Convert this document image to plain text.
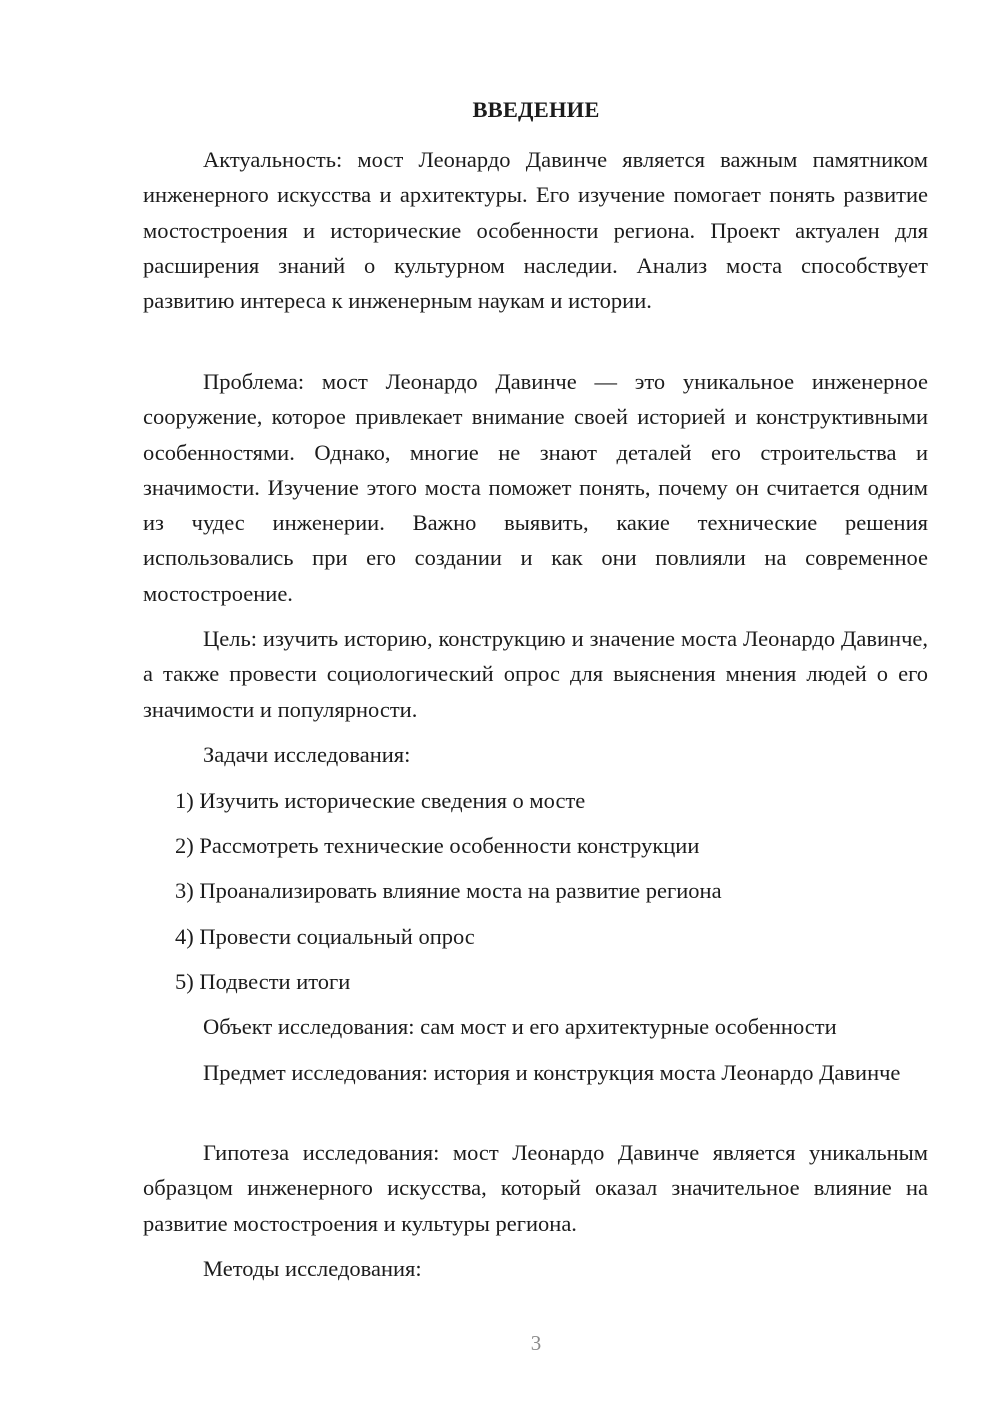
ВВЕДЕНИЕ

Актуальность: мост Леонардо Давинче является важным памятником инженерного искусства и архитектуры. Его изучение помогает понять развитие мостостроения и исторические особенности региона. Проект актуален для расширения знаний о культурном наследии. Анализ моста способствует развитию интереса к инженерным наукам и истории.

Проблема: мост Леонардо Давинче — это уникальное инженерное сооружение, которое привлекает внимание своей историей и конструктивными особенностями. Однако, многие не знают деталей его строительства и значимости. Изучение этого моста поможет понять, почему он считается одним из чудес инженерии. Важно выявить, какие технические решения использовались при его создании и как они повлияли на современное мостостроение.

Цель: изучить историю, конструкцию и значение моста Леонардо Давинче, а также провести социологический опрос для выяснения мнения людей о его значимости и популярности.

Задачи исследования:

1) Изучить исторические сведения о мосте
2) Рассмотреть технические особенности конструкции
3) Проанализировать влияние моста на развитие региона
4) Провести социальный опрос
5) Подвести итоги

Объект исследования: сам мост и его архитектурные особенности

Предмет исследования: история и конструкция моста Леонардо Давинче

Гипотеза исследования: мост Леонардо Давинче является уникальным образцом инженерного искусства, который оказал значительное влияние на развитие мостостроения и культуры региона.

Методы исследования:

3
